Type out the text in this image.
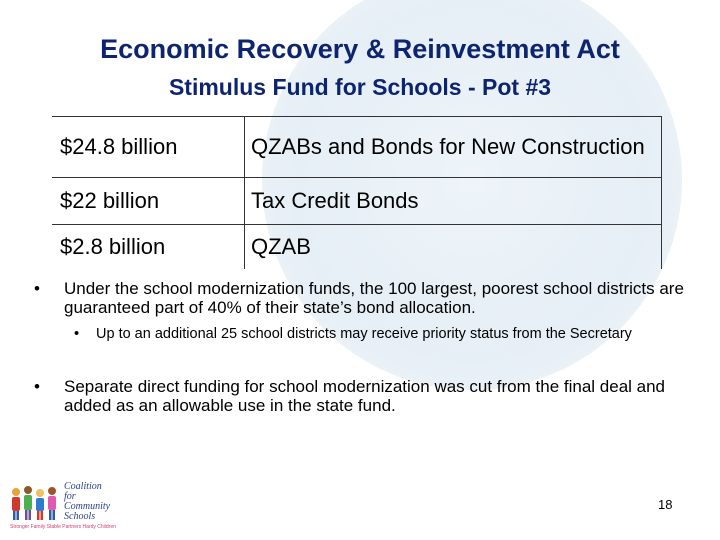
Economic Recovery & Reinvestment Act
Stimulus Fund for Schools - Pot #3
$24.8 billion	QZABs and Bonds for New Construction
$22 billion	Tax Credit Bonds
$2.8 billion	QZAB
• Under the school modernization funds, the 100 largest, poorest school districts are guaranteed part of 40% of their state’s bond allocation.
• Up to an additional 25 school districts may receive priority status from the Secretary
• Separate direct funding for school modernization was cut from the final deal and added as an allowable use in the state fund.
Coalition
for
Community
Schools
Stronger Family Stable Partners Hardy Children
18
